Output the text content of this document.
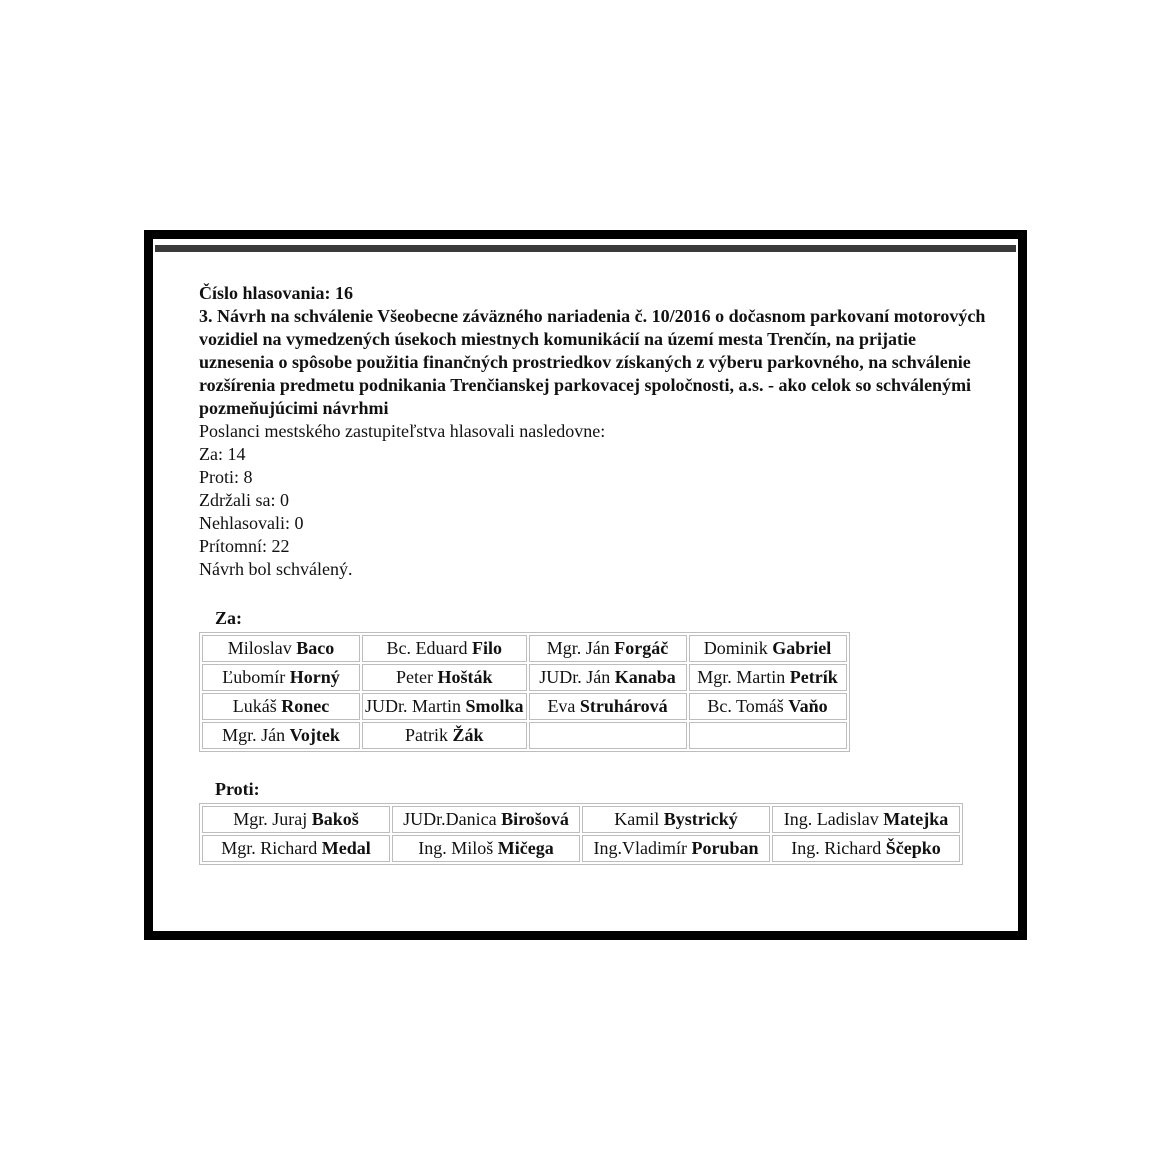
Číslo hlasovania: 16
3. Návrh na schválenie Všeobecne záväzného nariadenia č. 10/2016 o dočasnom parkovaní motorových vozidiel na vymedzených úsekoch miestnych komunikácií na území mesta Trenčín, na prijatie uznesenia o spôsobe použitia finančných prostriedkov získaných z výberu parkovného, na schválenie rozšírenia predmetu podnikania Trenčianskej parkovacej spoločnosti, a.s. - ako celok so schválenými pozmeňujúcimi návrhmi
Poslanci mestského zastupiteľstva hlasovali nasledovne:
Za: 14
Proti: 8
Zdržali sa: 0
Nehlasovali: 0
Prítomní: 22
Návrh bol schválený.
Za:
Miloslav Baco	Bc. Eduard Filo	Mgr. Ján Forgáč	Dominik Gabriel
Ľubomír Horný	Peter Hošták	JUDr. Ján Kanaba	Mgr. Martin Petrík
Lukáš Ronec	JUDr. Martin Smolka	Eva Struhárová	Bc. Tomáš Vaňo
Mgr. Ján Vojtek	Patrik Žák		
Proti:
Mgr. Juraj Bakoš	JUDr.Danica Birošová	Kamil Bystrický	Ing. Ladislav Matejka
Mgr. Richard Medal	Ing. Miloš Mičega	Ing.Vladimír Poruban	Ing. Richard Ščepko
